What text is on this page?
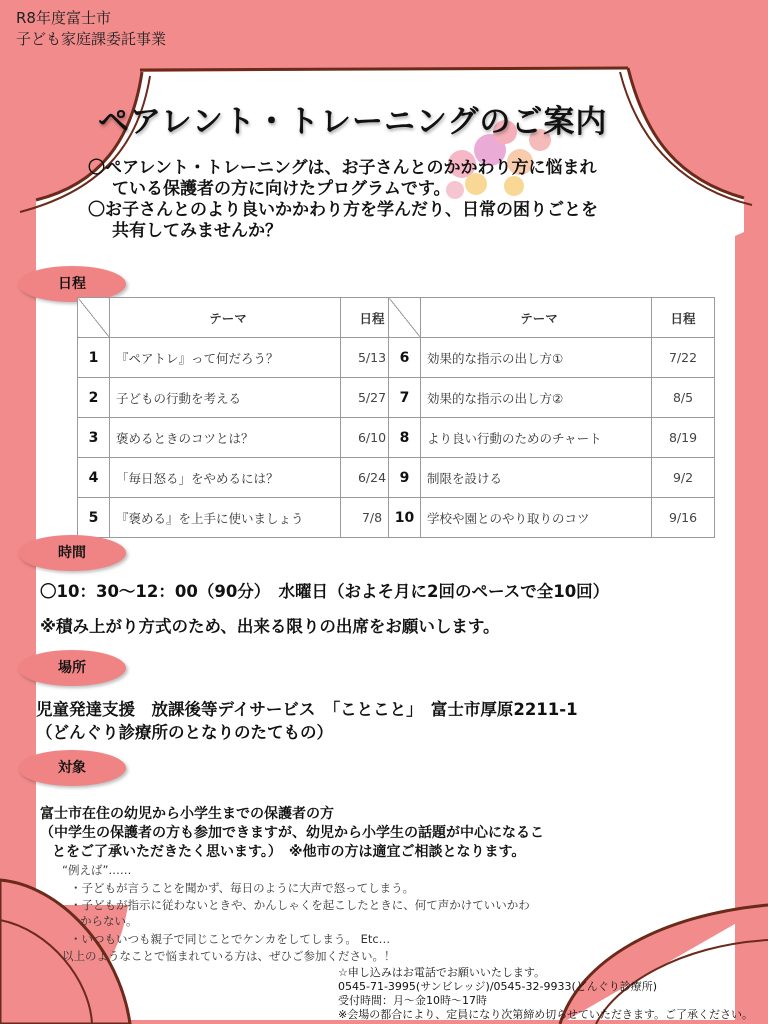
R8年度富士市
子ども家庭課委託事業
ペアレント・トレーニングのご案内
〇ペアレント・トレーニングは、お子さんとのかかわり方に悩まれ
ている保護者の方に向けたプログラムです。
〇お子さんとのより良いかかわり方を学んだり、日常の困りごとを
共有してみませんか？
日程
	テーマ	日程
1	『ペアトレ』って何だろう？	5/13
2	子どもの行動を考える	5/27
3	褒めるときのコツとは？	6/10
4	「毎日怒る」をやめるには？	6/24
5	『褒める』を上手に使いましょう	7/8
	テーマ	日程
6	効果的な指示の出し方①	7/22
7	効果的な指示の出し方②	8/5
8	より良い行動のためのチャート	8/19
9	制限を設ける	9/2
10	学校や園とのやり取りのコツ	9/16
時間
〇10：30～12：00（90分）　水曜日（およそ月に2回のペースで全10回）
※積み上がり方式のため、出来る限りの出席をお願いします。
場所
児童発達支援　放課後等デイサービス　「ことこと」　富士市厚原2211-1
（どんぐり診療所のとなりのたてもの）
対象
富士市在住の幼児から小学生までの保護者の方
（中学生の保護者の方も参加できますが、幼児から小学生の話題が中心になるこ
とをご了承いただきたく思います。）　※他市の方は適宜ご相談となります。
“例えば”……
・子どもが言うことを聞かず、毎日のように大声で怒ってしまう。
・子どもが指示に従わないときや、かんしゃくを起こしたときに、何て声かけていいかわ
からない。
・いつもいつも親子で同じことでケンカをしてしまう。 Etc…
以上のようなことで悩まれている方は、ぜひご参加ください。！
☆申し込みはお電話でお願いいたします。
0545-71-3995(サンビレッジ)/0545-32-9933(どんぐり診療所)
受付時間：月～金10時～17時
※会場の都合により、定員になり次第締め切らせていただきます。ご了承ください。
